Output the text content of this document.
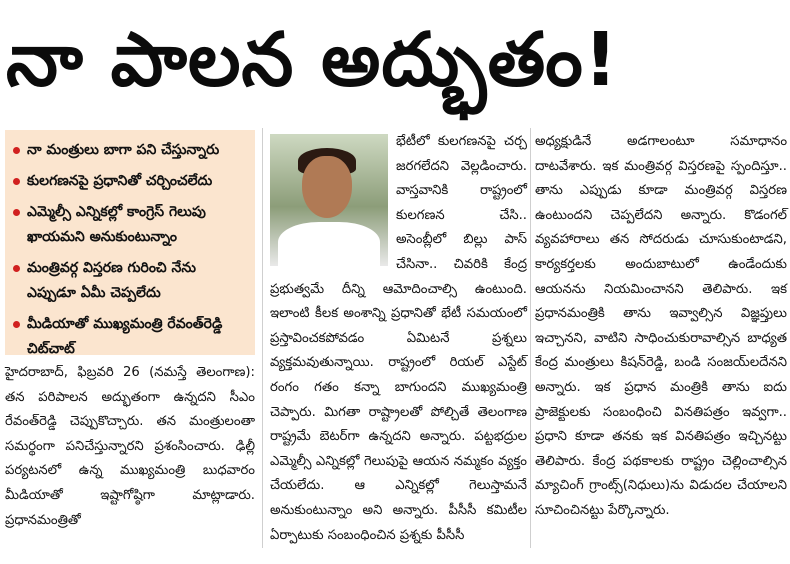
నా పాలన అద్భుతం!
నా మంత్రులు బాగా పని చేస్తున్నారు
కులగణనపై ప్రధానితో చర్చించలేదు
ఎమ్మెల్సీ ఎన్నికల్లో కాంగ్రెస్ గెలుపు ఖాయమని అనుకుంటున్నాం
మంత్రివర్గ విస్తరణ గురించి నేను ఎప్పుడూ ఏమీ చెప్పలేదు
మీడియాతో ముఖ్యమంత్రి రేవంత్‌రెడ్డి చిట్‌చాట్

హైదరాబాద్, ఫిబ్రవరి 26 (నమస్తే తెలంగాణ): తన పరిపాలన అద్భుతంగా ఉన్నదని సీఎం రేవంత్‌రెడ్డి చెప్పుకొచ్చారు. తన మంత్రులంతా సమర్థంగా పనిచేస్తున్నారని ప్రశంసించారు. ఢిల్లీ పర్యటనలో ఉన్న ముఖ్యమంత్రి బుధవారం మీడియాతో ఇష్టాగోష్ఠిగా మాట్లాడారు. ప్రధానమంత్రితో

భేటీలో కులగణనపై చర్చ జరగలేదని వెల్లడించారు. వాస్తవానికి రాష్ట్రంలో కులగణన చేసి.. అసెంబ్లీలో బిల్లు పాస్ చేసినా.. చివరికి కేంద్ర ప్రభుత్వమే దీన్ని ఆమోదించాల్సి ఉంటుంది. ఇలాంటి కీలక అంశాన్ని ప్రధానితో భేటీ సమయంలో ప్రస్తావించకపోవడం ఏమిటనే ప్రశ్నలు వ్యక్తమవుతున్నాయి. రాష్ట్రంలో రియల్ ఎస్టేట్ రంగం గతం కన్నా బాగుందని ముఖ్యమంత్రి చెప్పారు. మిగతా రాష్ట్రాలతో పోల్చితే తెలంగాణ రాష్ట్రమే బెటర్‌గా ఉన్నదని అన్నారు. పట్టభద్రుల ఎమ్మెల్సీ ఎన్నికల్లో గెలుపుపై ఆయన నమ్మకం వ్యక్తం చేయలేదు. ఆ ఎన్నికల్లో గెలుస్తామనే అనుకుంటున్నాం అని అన్నారు. పీసీసీ కమిటీల ఏర్పాటుకు సంబంధించిన ప్రశ్నకు పీసీసీ

అధ్యక్షుడినే అడగాలంటూ సమాధానం దాటవేశారు. ఇక మంత్రివర్గ విస్తరణపై స్పందిస్తూ.. తాను ఎప్పుడు కూడా మంత్రివర్గ విస్తరణ ఉంటుందని చెప్పలేదని అన్నారు. కొడంగల్ వ్యవహారాలు తన సోదరుడు చూసుకుంటాడని, కార్యకర్తలకు అందుబాటులో ఉండేందుకు ఆయనను నియమించానని తెలిపారు. ఇక ప్రధానమంత్రికి తాను ఇవ్వాల్సిన విజ్ఞప్తులు ఇచ్చానని, వాటిని సాధించుకురావాల్సిన బాధ్యత కేంద్ర మంత్రులు కిషన్‌రెడ్డి, బండి సంజయ్‌లదేనని అన్నారు. ఇక ప్రధాన మంత్రికి తాను ఐదు ప్రాజెక్టులకు సంబంధించి వినతిపత్రం ఇవ్వగా.. ప్రధాని కూడా తనకు ఇక వినతిపత్రం ఇచ్చినట్టు తెలిపారు. కేంద్ర పథకాలకు రాష్ట్రం చెల్లించాల్సిన మ్యాచింగ్ గ్రాంట్స్(నిధులు)ను విడుదల చేయాలని సూచించినట్టు పేర్కొన్నారు.
